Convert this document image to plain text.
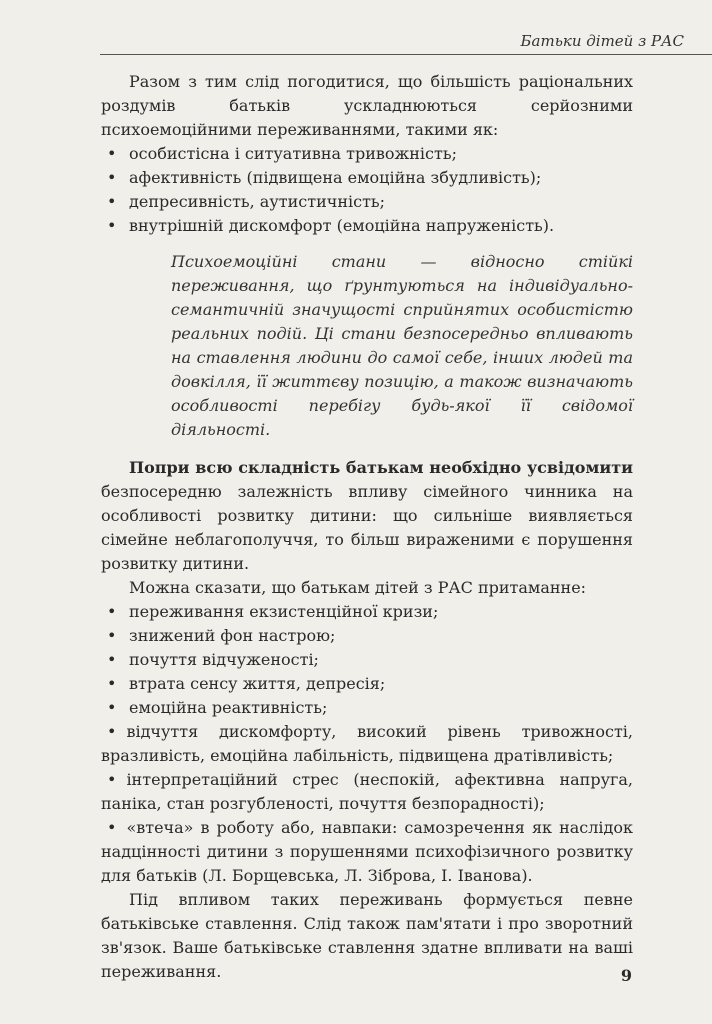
Батьки дітей з РАС

Разом з тим слід погодитися, що більшість раціональних роздумів батьків ускладнюються серйозними психоемоційними переживаннями, такими як:

• особистісна і ситуативна тривожність;
• афективність (підвищена емоційна збудливість);
• депресивність, аутистичність;
• внутрішній дискомфорт (емоційна напруженість).

Психоемоційні стани — відносно стійкі переживання, що ґрунтуються на індивідуально-семантичній значущості сприйнятих особистістю реальних подій. Ці стани безпосередньо впливають на ставлення людини до самої себе, інших людей та довкілля, її життєву позицію, а також визначають особливості перебігу будь-якої її свідомої діяльності.

Попри всю складність батькам необхідно усвідомити безпосередню залежність впливу сімейного чинника на особливості розвитку дитини: що сильніше виявляється сімейне неблагополуччя, то більш вираженими є порушення розвитку дитини.

Можна сказати, що батькам дітей з РАС притаманне:

• переживання екзистенційної кризи;
• знижений фон настрою;
• почуття відчуженості;
• втрата сенсу життя, депресія;
• емоційна реактивність;
• відчуття дискомфорту, високий рівень тривожності, вразливість, емоційна лабільність, підвищена дратівливість;
• інтерпретаційний стрес (неспокій, афективна напруга, паніка, стан розгубленості, почуття безпорадності);
• «втеча» в роботу або, навпаки: самозречення як наслідок надцінності дитини з порушеннями психофізичного розвитку для батьків (Л. Борщевська, Л. Зіброва, І. Іванова).

Під впливом таких переживань формується певне батьківське ставлення. Слід також пам'ятати і про зворотний зв'язок. Ваше батьківське ставлення здатне впливати на ваші переживання.	9
